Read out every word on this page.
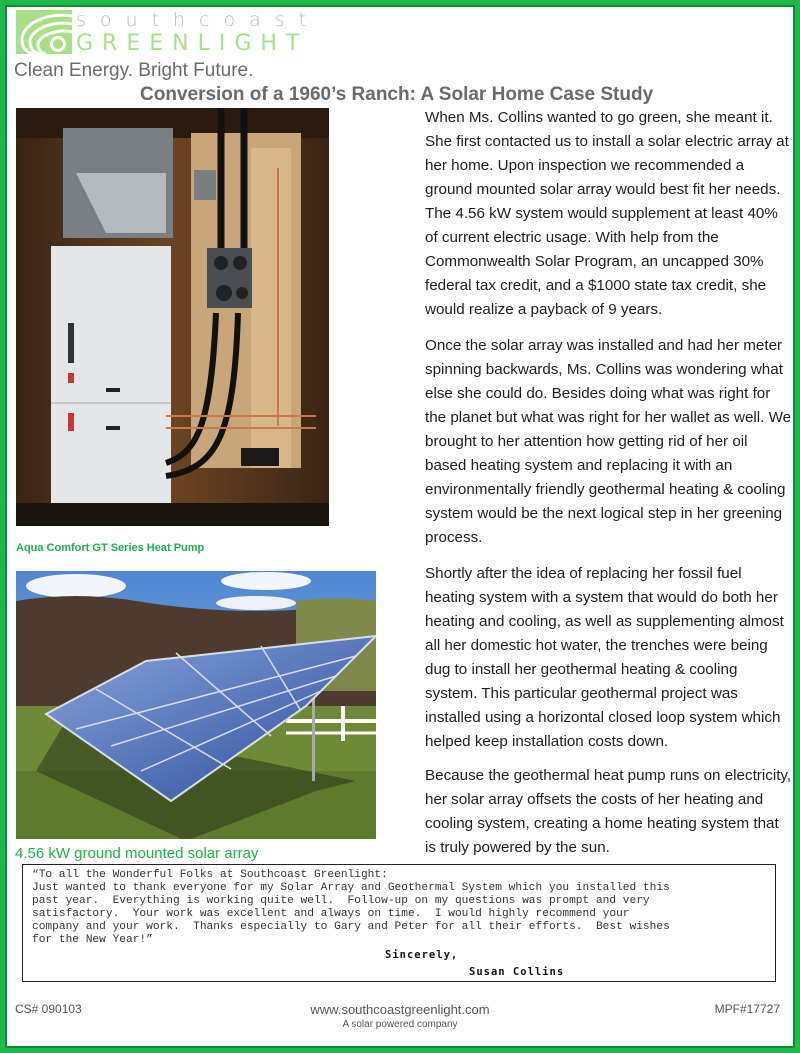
southcoast
GREENLIGHT
Clean Energy. Bright Future.
Conversion of a 1960’s Ranch: A Solar Home Case Study
Aqua Comfort GT Series Heat Pump
4.56 kW ground mounted solar array

When Ms. Collins wanted to go green, she meant it. She first contacted us to install a solar electric array at her home. Upon inspection we recommended a ground mounted solar array would best fit her needs. The 4.56 kW system would supplement at least 40% of current electric usage. With help from the Commonwealth Solar Program, an uncapped 30% federal tax credit, and a $1000 state tax credit, she would realize a payback of 9 years.

Once the solar array was installed and had her meter spinning backwards, Ms. Collins was wondering what else she could do. Besides doing what was right for the planet but what was right for her wallet as well. We brought to her attention how getting rid of her oil based heating system and replacing it with an environmentally friendly geothermal heating & cooling system would be the next logical step in her greening process.

Shortly after the idea of replacing her fossil fuel heating system with a system that would do both her heating and cooling, as well as supplementing almost all her domestic hot water, the trenches were being dug to install her geothermal heating & cooling system. This particular geothermal project was installed using a horizontal closed loop system which helped keep installation costs down.

Because the geothermal heat pump runs on electricity, her solar array offsets the costs of her heating and cooling system, creating a home heating system that is truly powered by the sun.

“To all the Wonderful Folks at Southcoast Greenlight:
Just wanted to thank everyone for my Solar Array and Geothermal System which you installed this
past year.  Everything is working quite well.  Follow-up on my questions was prompt and very
satisfactory.  Your work was excellent and always on time.  I would highly recommend your
company and your work.  Thanks especially to Gary and Peter for all their efforts.  Best wishes
for the New Year!”
Sincerely,
Susan Collins
CS# 090103	www.southcoastgreenlight.com
A solar powered company
MPF#17727
